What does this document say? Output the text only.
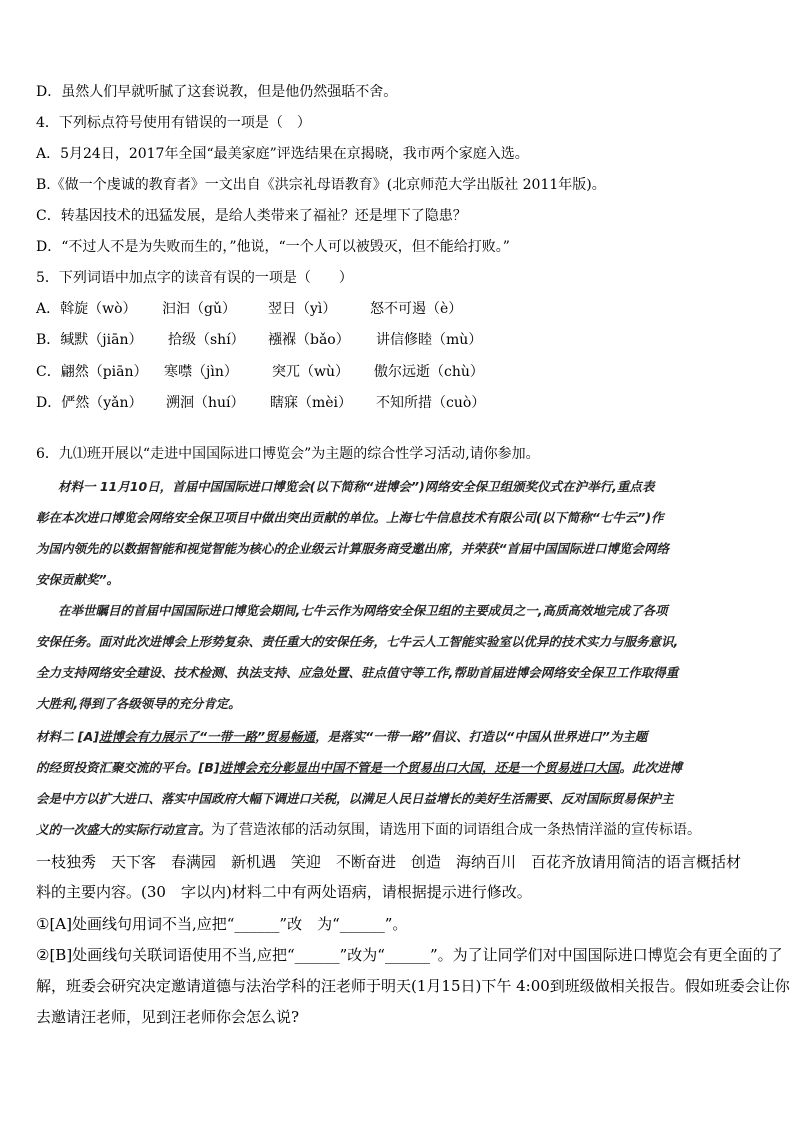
D．虽然人们早就听腻了这套说教，但是他仍然强聒不舍。
4．下列标点符号使用有错误的一项是（　）
A．5月24日，2017年全国“最美家庭”评选结果在京揭晓，我市两个家庭入选。
B.《做一个虔诚的教育者》一文出自《洪宗礼母语教育》(北京师范大学出版社 2011年版)。
C．转基因技术的迅猛发展，是给人类带来了福祉？还是埋下了隐患？
D．“不过人不是为失败而生的，”他说，“一个人可以被毁灭，但不能给打败。”
5．下列词语中加点字的读音有误的一项是（　　）
A．斡旋（wò） 汩汩（gǔ） 翌日（yì） 怒不可遏（è）
B．缄默（jiān） 拾级（shí） 襁褓（bǎo） 讲信修睦（mù）
C．翩然（piān） 寒噤（jìn） 突兀（wù） 傲尔远逝（chù）
D．俨然（yǎn） 溯洄（huí） 瞎寐（mèi） 不知所措（cuò）
6．九⑴班开展以“走进中国国际进口博览会”为主题的综合性学习活动,请你参加。
材料一 11月10日，首届中国国际进口博览会(以下简称“进博会”)网络安全保卫组颁奖仪式在沪举行,重点表
彰在本次进口博览会网络安全保卫项目中做出突出贡献的单位。上海七牛信息技术有限公司(以下简称“七牛云”)作
为国内领先的以数据智能和视觉智能为核心的企业级云计算服务商受邀出席，并荣获“首届中国国际进口博览会网络
安保贡献奖”。
在举世瞩目的首届中国国际进口博览会期间,七牛云作为网络安全保卫组的主要成员之一,高质高效地完成了各项
安保任务。面对此次进博会上形势复杂、责任重大的安保任务，七牛云人工智能实验室以优异的技术实力与服务意识,
全力支持网络安全建设、技术检测、执法支持、应急处置、驻点值守等工作,帮助首届进博会网络安全保卫工作取得重
大胜利,得到了各级领导的充分肯定。
材料二 [A]进博会有力展示了“一带一路”贸易畅通，是落实“一带一路”倡议、打造以“中国从世界进口”为主题
的经贸投资汇聚交流的平台。[B]进博会充分彰显出中国不管是一个贸易出口大国，还是一个贸易进口大国。此次进博
会是中方以扩大进口、落实中国政府大幅下调进口关税，以满足人民日益增长的美好生活需要、反对国际贸易保护主
义的一次盛大的实际行动宣言。为了营造浓郁的活动氛围，请选用下面的词语组合成一条热情洋溢的宣传标语。
一枝独秀　天下客　春满园　新机遇　笑迎　不断奋进　创造　海纳百川　百花齐放请用简洁的语言概括材
料的主要内容。(30　字以内)材料二中有两处语病，请根据提示进行修改。
①[A]处画线句用词不当,应把“______”改　为“______”。
②[B]处画线句关联词语使用不当,应把“______”改为“______”。为了让同学们对中国国际进口博览会有更全面的了
解，班委会研究决定邀请道德与法治学科的汪老师于明天(1月15日)下午 4:00到班级做相关报告。假如班委会让你
去邀请汪老师，见到汪老师你会怎么说?
